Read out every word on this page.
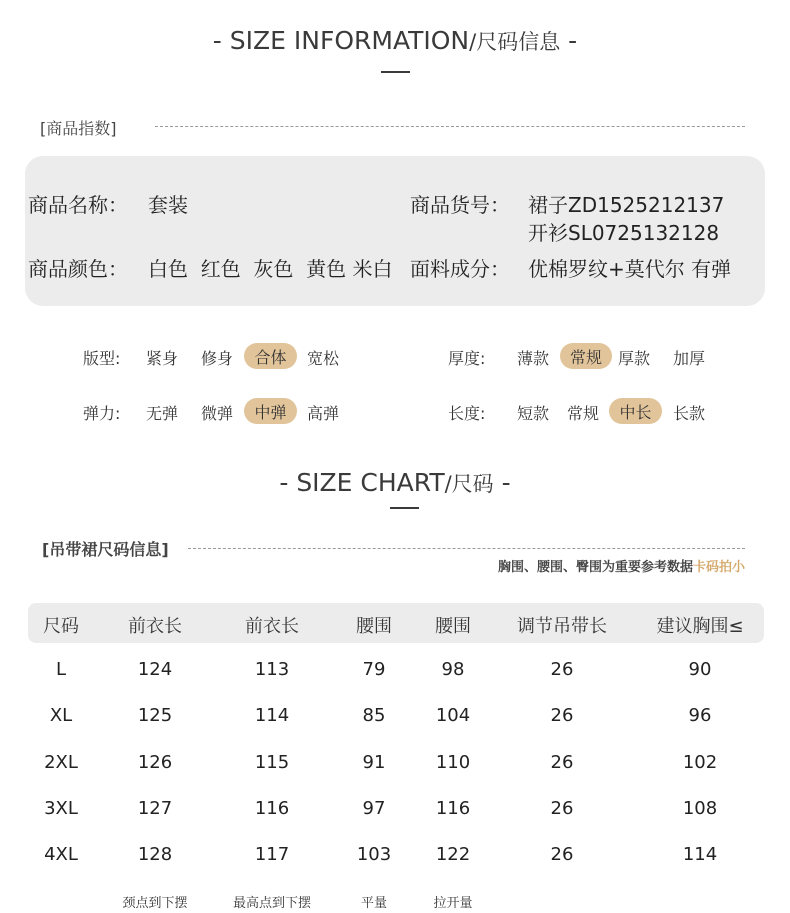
- SIZE INFORMATION/尺码信息 -
[商品指数]
商品名称： 套装	商品货号： 裙子ZD1525212137
开衫SL0725132128
商品颜色： 白色  红色  灰色  黄色 米白 面料成分： 优棉罗纹+莫代尔 有弹
版型: 紧身 修身	合体	宽松	厚度: 薄款	常规	厚款 加厚
弹力: 无弹 微弹	中弹	高弹	长度: 短款 常规	中长	长款
- SIZE CHART/尺码 -
[吊带裙尺码信息]
胸围、腰围、臀围为重要参考数据卡码拍小
尺码	前衣长	前衣长	腰围 腰围	调节吊带长	建议胸围≤
L	124	113	79	98	26	90
XL	125	114	85	104	26	96
2XL	126	115	91	110	26	102
3XL	127	116	97	116	26	108
4XL	128	117	103 122	26	114
颈点到下摆	最高点到下摆	平量	拉开量
